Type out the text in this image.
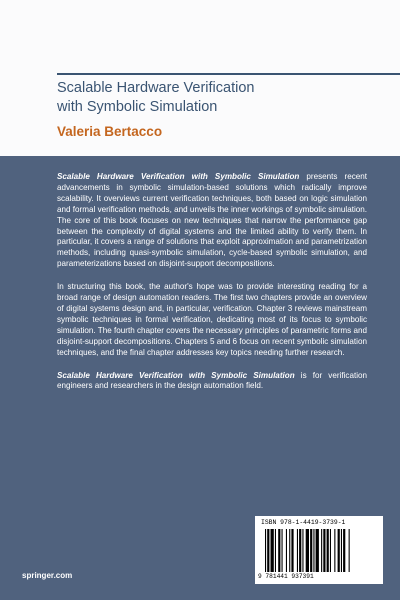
Scalable Hardware Verification
with Symbolic Simulation
Valeria Bertacco

Scalable Hardware Verification with Symbolic Simulation presents recent advancements in symbolic simulation-based solutions which radically improve scalability. It overviews current verification techniques, both based on logic simulation and formal verification methods, and unveils the inner workings of symbolic simulation. The core of this book focuses on new techniques that narrow the performance gap between the complexity of digital systems and the limited ability to verify them. In particular, it covers a range of solutions that exploit approximation and parametrization methods, including quasi-symbolic simulation, cycle-based symbolic simulation, and parameterizations based on disjoint-support decompositions.

In structuring this book, the author's hope was to provide interesting reading for a broad range of design automation readers. The first two chapters provide an overview of digital systems design and, in particular, verification. Chapter 3 reviews mainstream symbolic techniques in formal verification, dedicating most of its focus to symbolic simulation. The fourth chapter covers the necessary principles of parametric forms and disjoint-support decompositions. Chapters 5 and 6 focus on recent symbolic simulation techniques, and the final chapter addresses key topics needing further research.

Scalable Hardware Verification with Symbolic Simulation is for verification engineers and researchers in the design automation field.

ISBN 978-1-4419-3739-1
9 781441 937391
springer.com
